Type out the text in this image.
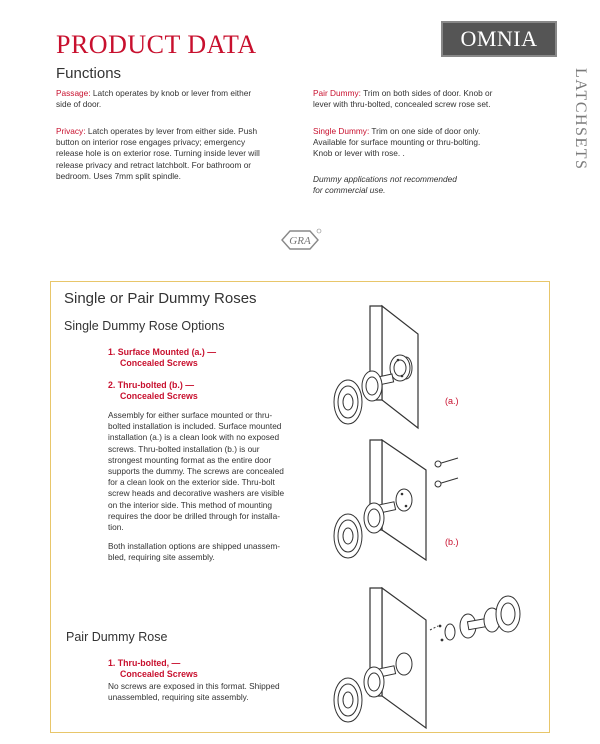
PRODUCT DATA
Functions
OMNIA
LATCHSETS
Passage: Latch operates by knob or lever from either
side of door.
Privacy: Latch operates by lever from either side. Push
button on interior rose engages privacy; emergency
release hole is on exterior rose. Turning inside lever will
release privacy and retract latchbolt. For bathroom or
bedroom. Uses 7mm split spindle.
Pair Dummy: Trim on both sides of door. Knob or
lever with thru-bolted, concealed screw rose set.
Single Dummy: Trim on one side of door only.
Available for surface mounting or thru-bolting.
Knob or lever with rose. .
Dummy applications not recommended
for commercial use.
GRA
Single or Pair Dummy Roses
Single Dummy Rose Options
1. Surface Mounted (a.) —
Concealed Screws
2. Thru-bolted (b.) —
Concealed Screws
Assembly for either surface mounted or thru-
bolted installation is included. Surface mounted
installation (a.) is a clean look with no exposed
screws. Thru-bolted installation (b.) is our
strongest mounting format as the entire door
supports the dummy. The screws are concealed
for a clean look on the exterior side. Thru-bolt
screw heads and decorative washers are visible
on the interior side. This method of mounting
requires the door be drilled through for installa-
tion.
Both installation options are shipped unassem-
bled, requiring site assembly.
Pair Dummy Rose
1. Thru-bolted, —
Concealed Screws
No screws are exposed in this format. Shipped
unassembled, requiring site assembly.
(a.)
(b.)
